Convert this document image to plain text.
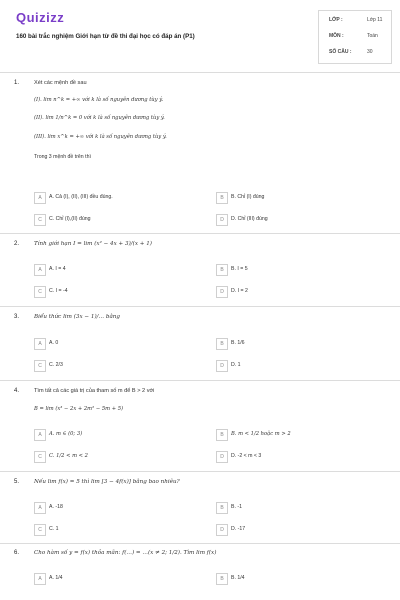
Quizizz
160 bài trắc nghiệm Giới hạn từ đề thi đại học có đáp án (P1)
LỚP :	Lớp 11
MÔN :	Toán
SỐ CÂU :	30
1.	Xét các mệnh đề sau
(I). lim n^k = +∞ với k là số nguyên dương tùy ý.
(II). lim 1/n^k = 0 với k là số nguyên dương tùy ý.
(III). lim x^k = +∞ với k là số nguyên dương tùy ý.
Trong 3 mệnh đề trên thì
A	A. Cả (I), (II), (III) đều đúng.	B	B. Chỉ (I) đúng
C	C. Chỉ (I),(II) đúng	D	D. Chỉ (III) đúng
2.	Tính giới hạn I = lim (x² − 4x + 3)/(x + 1)
A	A. I = 4	B	B. I = 5
C	C. I = -4	D	D. I = 2
3.	Biểu thức lim (3x − 1)/… bằng
A	A. 0	B	B. 1/6
C	C. 2/3	D	D. 1
4.	Tìm tất cả các giá trị của tham số m để B > 2 với
B = lim (x³ − 2x + 2m² − 5m + 5)
A	A. m ∈ (0; 3)	B	B. m < 1/2 hoặc m > 2
C	C. 1/2 < m < 2	D	D. -2 < m < 3
5.	Nếu lim f(x) = 5 thì lim [3 − 4f(x)] bằng bao nhiêu?
A	A. -18	B	B. -1
C	C. 1	D	D. -17
6.	Cho hàm số y = f(x) thỏa mãn: f(…) = …(x ≠ 2; 1/2). Tìm lim f(x)
A	A. 1/4	B	B. 1/4
